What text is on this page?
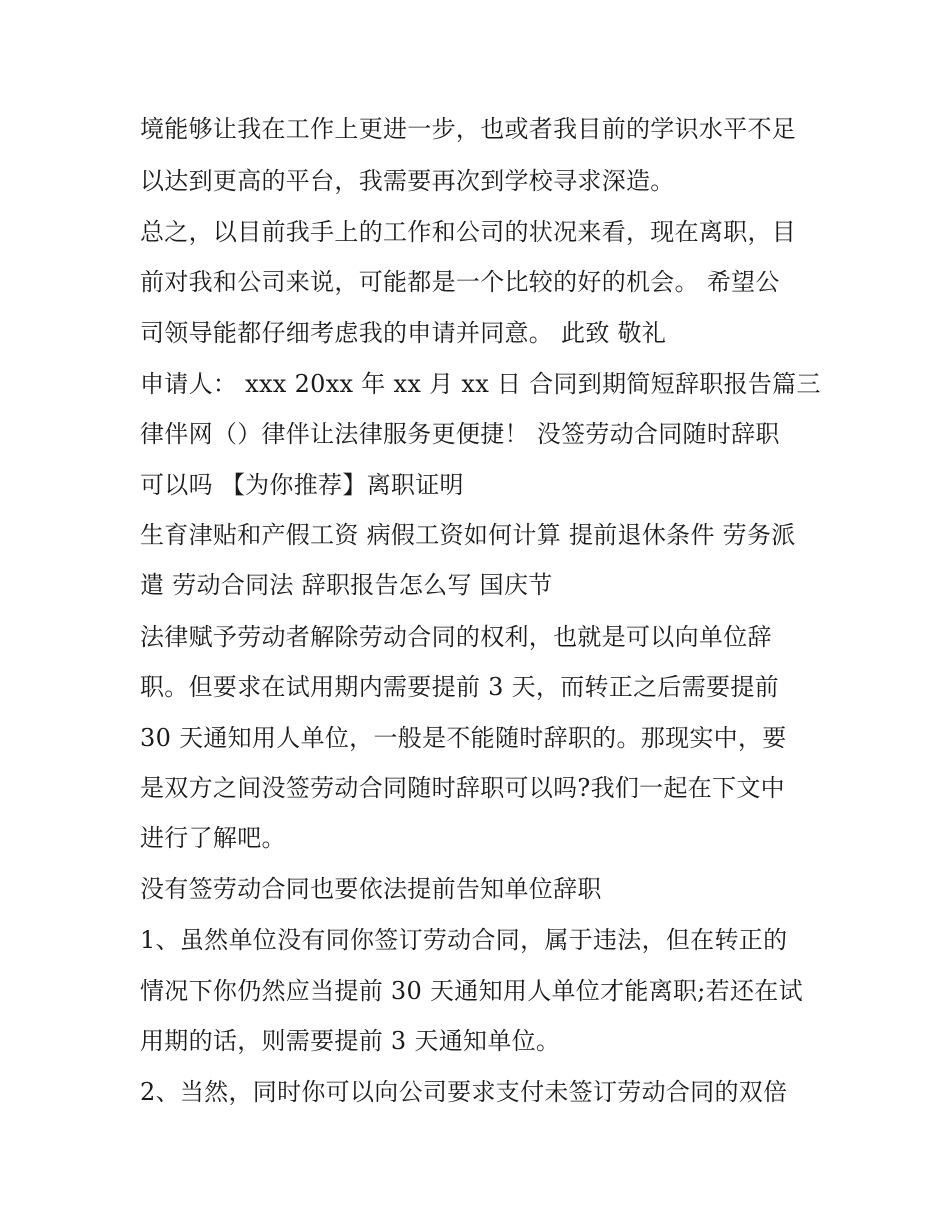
境能够让我在工作上更进一步，也或者我目前的学识水平不足
以达到更高的平台，我需要再次到学校寻求深造。
总之，以目前我手上的工作和公司的状况来看，现在离职，目
前对我和公司来说，可能都是一个比较的好的机会。 希望公
司领导能都仔细考虑我的申请并同意。 此致 敬礼
申请人： xxx 20xx 年 xx 月 xx 日 合同到期简短辞职报告篇三
律伴网（）律伴让法律服务更便捷！ 没签劳动合同随时辞职
可以吗 【为你推荐】离职证明
生育津贴和产假工资 病假工资如何计算 提前退休条件 劳务派
遣 劳动合同法 辞职报告怎么写 国庆节
法律赋予劳动者解除劳动合同的权利，也就是可以向单位辞
职。但要求在试用期内需要提前 3 天，而转正之后需要提前
30 天通知用人单位，一般是不能随时辞职的。那现实中，要
是双方之间没签劳动合同随时辞职可以吗?我们一起在下文中
进行了解吧。
没有签劳动合同也要依法提前告知单位辞职
1、虽然单位没有同你签订劳动合同，属于违法，但在转正的
情况下你仍然应当提前 30 天通知用人单位才能离职;若还在试
用期的话，则需要提前 3 天通知单位。
2、当然，同时你可以向公司要求支付未签订劳动合同的双倍
